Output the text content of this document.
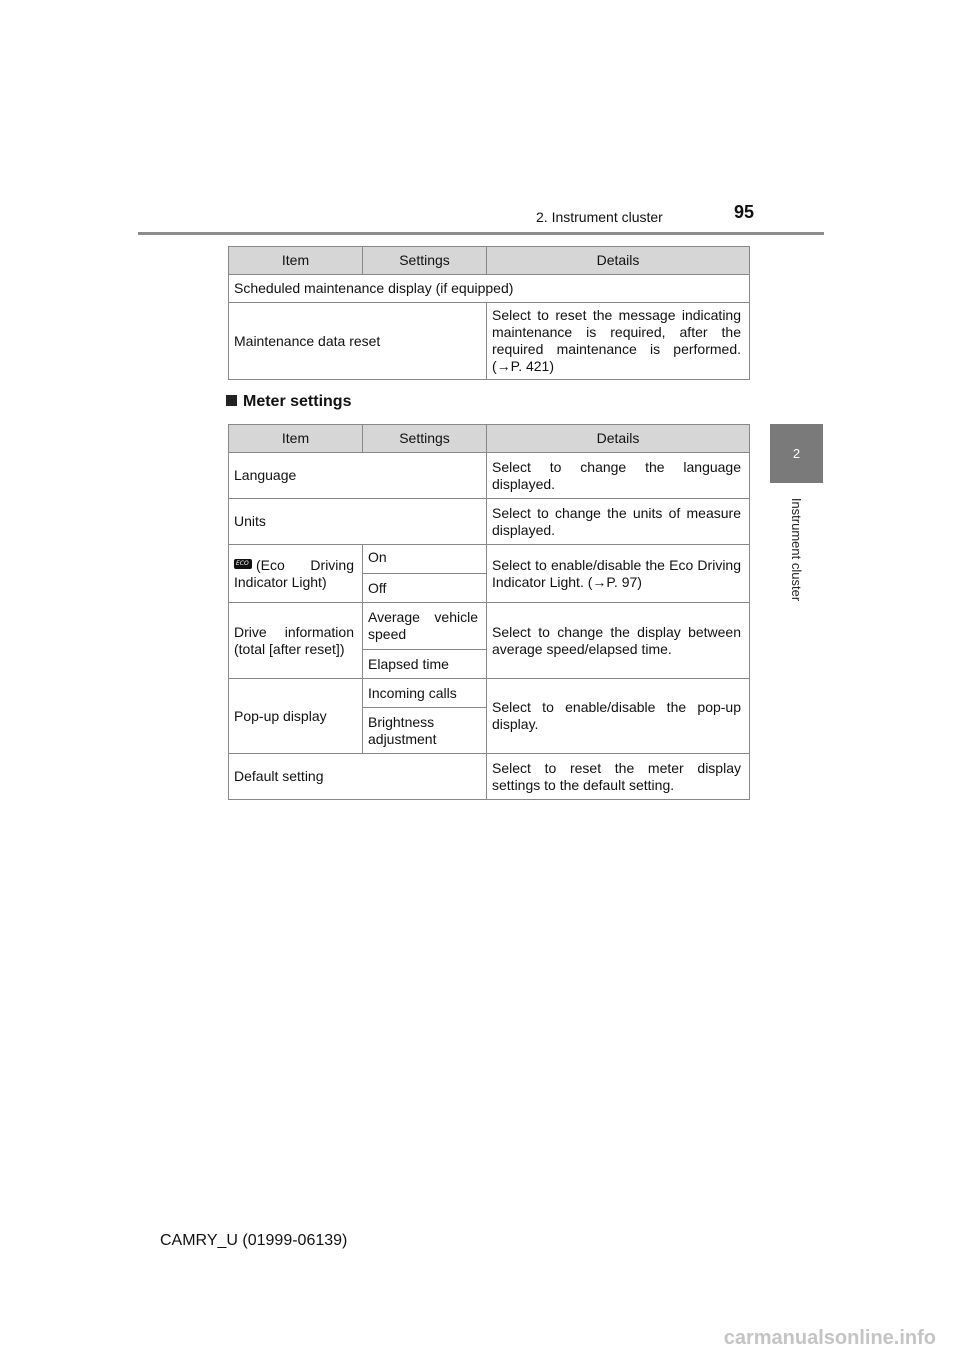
2. Instrument cluster	95
2
Instrument cluster
Item	Settings	Details
Scheduled maintenance display (if equipped)		
Maintenance data reset		Select to reset the message indicating maintenance is required, after the required maintenance is performed. (→P. 421)
Meter settings
Item	Settings	Details
Language		Select to change the language displayed.
Units		Select to change the units of measure displayed.
ECO(Eco Driving Indicator Light)	On	Select to enable/disable the Eco Driving Indicator Light. (→P. 97)
	Off	
Drive information (total [after reset])	Average vehicle speed	Select to change the display between average speed/elapsed time.
	Elapsed time	
Pop-up display	Incoming calls	Select to enable/disable the pop-up display.
	Brightness adjustment	
Default setting		Select to reset the meter display settings to the default setting.
CAMRY_U (01999-06139)
carmanualsonline.info
